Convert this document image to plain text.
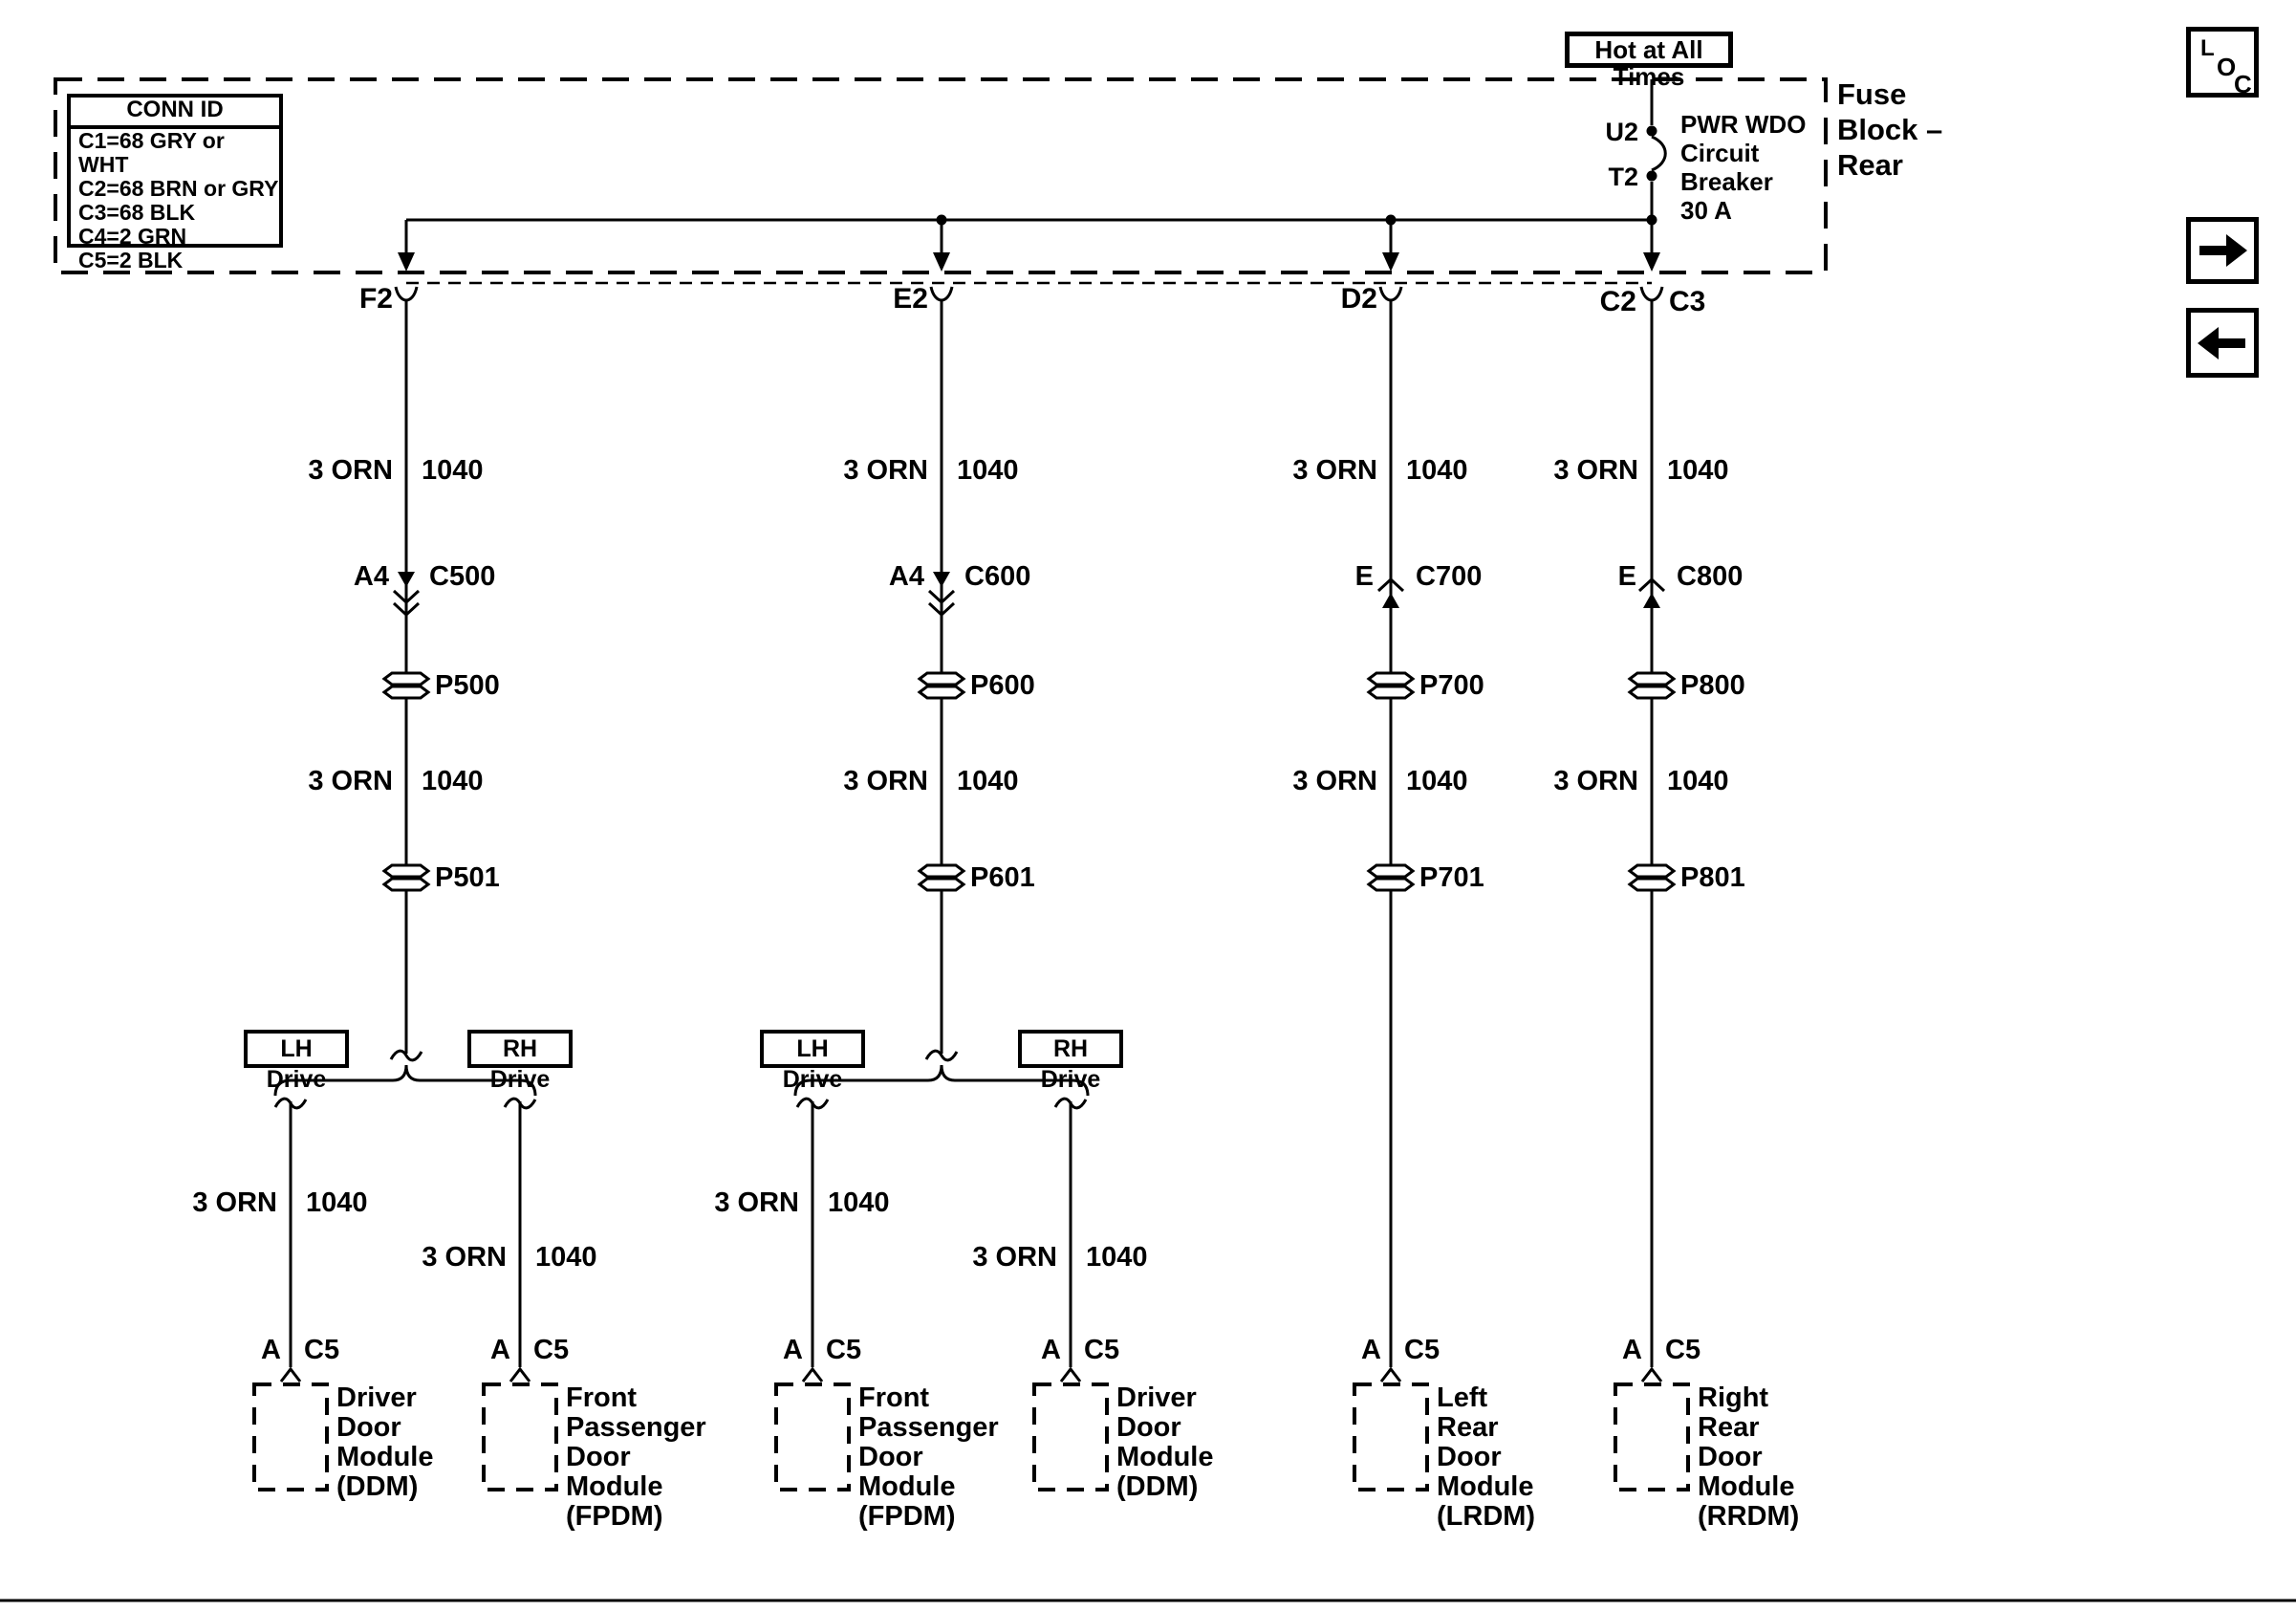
CONN ID
C1=68 GRY or WHT
C2=68 BRN or GRY
C3=68 BLK
C4=2 GRN
C5=2 BLK
Hot at All Times
Fuse
Block –
Rear
U2
T2
PWR WDO
Circuit
Breaker
30 A
F2	E2	D2	C2 C3
3 ORN 1040	3 ORN 1040	3 ORN 1040	3 ORN 1040
A4 C500	A4 C600	E C700	E C800
P500	P600	P700	P800
3 ORN 1040	3 ORN 1040	3 ORN 1040	3 ORN 1040
P501	P601	P701	P801
LH Drive
RH Drive
LH Drive
RH Drive
3 ORN 1040	3 ORN 1040
3 ORN 1040	3 ORN 1040
A C5	A C5	A C5	A C5	A C5	A C5
Driver
Door
Module
(DDM)
Front
Passenger
Door
Module
(FPDM)
Front
Passenger
Door
Module
(FPDM)
Driver
Door
Module
(DDM)
Left
Rear
Door
Module
(LRDM)
Right
Rear
Door
Module
(RRDM)
L
O
C
